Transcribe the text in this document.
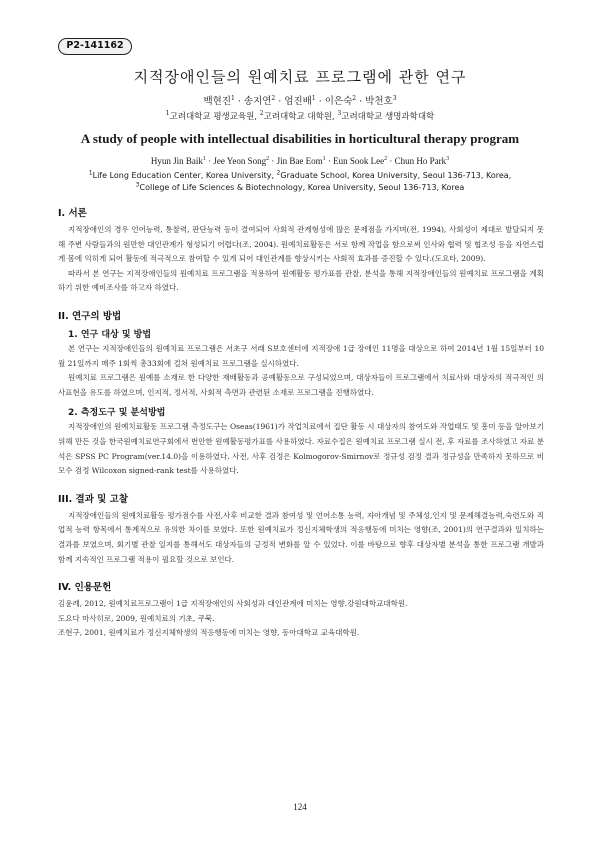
P2-141162
지적장애인들의 원예치료 프로그램에 관한 연구
백현진$^1$ · 송지연$^2$ · 엄진배$^1$ · 이은숙$^2$ · 박천호$^3$
$^1$고려대학교 평생교육원, $^2$고려대학교 대학원, $^3$고려대학교 생명과학대학
A study of people with intellectual disabilities in horticultural therapy program
Hyun Jin Baik$^1$ · Jee Yeon Song$^2$ · Jin Bae Eom$^1$ · Eun Sook Lee$^2$ · Chun Ho Park$^3$
$^1$Life Long Education Center, Korea University, $^2$Graduate School, Korea University, Seoul 136-713, Korea,
$^3$College of Life Sciences & Biotechnology, Korea University, Seoul 136-713, Korea
I. 서론

지적장애인의 경우 언어능력, 통찰력, 판단능력 등이 결여되어 사회적 관계형성에 많은 문제점을 가지며(전, 1994), 사회성이 제대로 발달되지 못해 주변 사람들과의 원만한 대인관계가 형성되기 어렵다(조, 2004). 원예치료활동은 서로 함께 작업을 함으로써 인사와 협력 및 협조성 등을 자연스럽게 몸에 익히게 되어 활동에 적극적으로 참여할 수 있게 되어 대인관계를 향상시키는 사회적 효과를 증진할 수 있다.(도요타, 2009).

따라서 본 연구는 지적장애인들의 원예치료 프로그램을 적용하여 원예활동 평가표를 관찰, 분석을 통해 지적장애인들의 원예치료 프로그램을 계획하기 위한 예비조사를 하고자 하였다.

II. 연구의 방법
1. 연구 대상 및 방법

본 연구는 지적장애인들의 원예치료 프로그램은 서초구 서래 S보호센터에 지적장애 1급 장애인 11명을 대상으로 하여 2014년 1월 15일부터 10월 21일까지 매주 1회씩 총33회에 걸쳐 원예치료 프로그램을 실시하였다.

원예치료 프로그램은 원예를 소재로 한 다양한 재배활동과 공예활동으로 구성되었으며, 대상자들이 프로그램에서 치료사와 대상자의 적극적인 의사표현을 유도를 하였으며, 인지적, 정서적, 사회적 측면과 관련된 소재로 프로그램을 진행하였다.

2. 측정도구 및 분석방법

지적장애인의 원예치료활동 프로그램 측정도구는 Oseas(1961)가 작업치료에서 집단 활동 시 대상자의 참여도와 작업태도 및 흥미 등을 알아보기 위해 만든 것을 한국원예치료연구회에서 번안한 원예활동평가표를 사용하였다. 자료수집은 원예치료 프로그램 실시 전, 후 자료를 조사하였고 자료 분석은 SPSS PC Program(ver.14.0)을 이용하였다. 사전, 사후 검정은 Kolmogorov-Smirnov로 정규성 검정 결과 정규성을 만족하지 못하므로 비모수 검정 Wilcoxon signed-rank test를 사용하였다.

III. 결과 및 고찰

지적장애인들의 원예치료활동 평가점수를 사전,사후 비교한 결과 참여성 및 언어소통 능력, 자아개념 및 주체성,인지 및 문제해결능력,숙련도와 직업적 능력 항목에서 통계적으로 유의한 차이를 보였다. 또한 원예치료가 정신지체학생의 적응행동에 미치는 영향(조, 2001)의 연구결과와 일치하는 결과를 보였으며, 회기별 관찰 일지를 통해서도 대상자들의 긍정적 변화를 알 수 있었다. 이를 바탕으로 향후 대상자별 분석을 통한 프로그램 개발과 함께 지속적인 프로그램 적용이 필요할 것으로 보인다.

IV. 인용문헌

김윤례, 2012, 원예치료프로그램이 1급 지적장애인의 사회성과 대인관계에 미치는 영향.강원대학교대학원.

도요다 마사히로, 2009, 원예치료의 기초, 쿠북.

조현구, 2001, 원예치료가 정신지체학생의 적응행동에 미치는 영향, 동아대학교 교육대학원.

124
